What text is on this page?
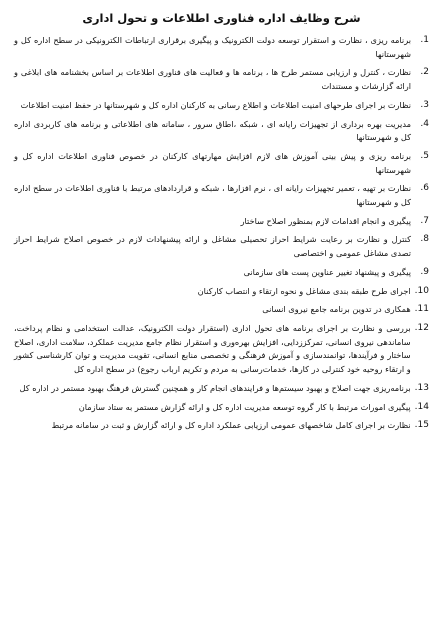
شرح وظایف اداره فناوری اطلاعات و تحول اداری
1.
برنامه ریزی ، نظارت و استقرار توسعه دولت الکترونیک و پیگیری برقراری ارتباطات الکترونیکی در سطح اداره کل و شهرستانها
2.
نظارت ، کنترل و ارزیابی مستمر طرح ها ، برنامه ها و فعالیت های فناوری اطلاعات بر اساس بخشنامه های ابلاغی و ارائه گزارشات و مستندات
3.
نظارت بر اجرای طرحهای امنیت اطلاعات و اطلاع رسانی به کارکنان اداره کل و شهرستانها در حفظ امنیت اطلاعات
4.
مدیریت بهره برداری از تجهیزات رایانه ای ، شبکه ،اطاق سرور ، سامانه های اطلاعاتی و برنامه های کاربردی اداره کل و شهرستانها
5.
برنامه ریزی و پیش بینی آموزش های لازم افزایش مهارتهای کارکنان در خصوص فناوری اطلاعات اداره کل و شهرستانها
6.
نظارت بر تهیه ، تعمیر تجهیزات رایانه ای ، نرم افزارها ، شبکه و قراردادهای مرتبط با فناوری اطلاعات در سطح اداره کل و شهرستانها
7.
پیگیری و انجام اقدامات لازم بمنظور اصلاح ساختار
8.
کنترل و نظارت بر رعایت شرایط احراز تحصیلی مشاغل و ارائه پیشنهادات لازم در خصوص اصلاح شرایط احراز تصدی مشاغل عمومی و اختصاصی
9.
پیگیری و پیشنهاد تغییر عناوین پست های سازمانی
10.
اجرای طرح طبقه بندی مشاغل و نحوه ارتقاء و انتصاب کارکنان
11.
همکاری در تدوین برنامه جامع نیروی انسانی
12.
بررسی و نظارت بر اجرای برنامه های تحول اداری (استقرار دولت الکترونیک، عدالت استخدامی و نظام پرداخت، ساماندهی نیروی انسانی، تمرکززدایی، افزایش بهره‌وری و استقرار نظام جامع مدیریت عملکرد، سلامت اداری، اصلاح ساختار و فرآیندها، توانمندسازی و آموزش فرهنگی و تخصصی منابع انسانی، تقویت مدیریت و توان کارشناسی کشور و ارتقاء روحیه خود کنترلی در کارها، خدمات‌رسانی به مردم و تکریم ارباب رجوع) در سطح اداره کل
13.
برنامه‌ریزی جهت اصلاح و بهبود سیستم‌ها و فرایندهای انجام کار و همچنین گسترش فرهنگ بهبود مستمر در اداره کل
14.
پیگیری امورات مرتبط با کار گروه توسعه مدیریت اداره کل و ارائه گزارش مستمر به ستاد سازمان
15.
نظارت بر اجرای کامل شاخصهای عمومی ارزیابی عملکرد اداره کل و ارائه گزارش و ثبت در سامانه مرتبط
